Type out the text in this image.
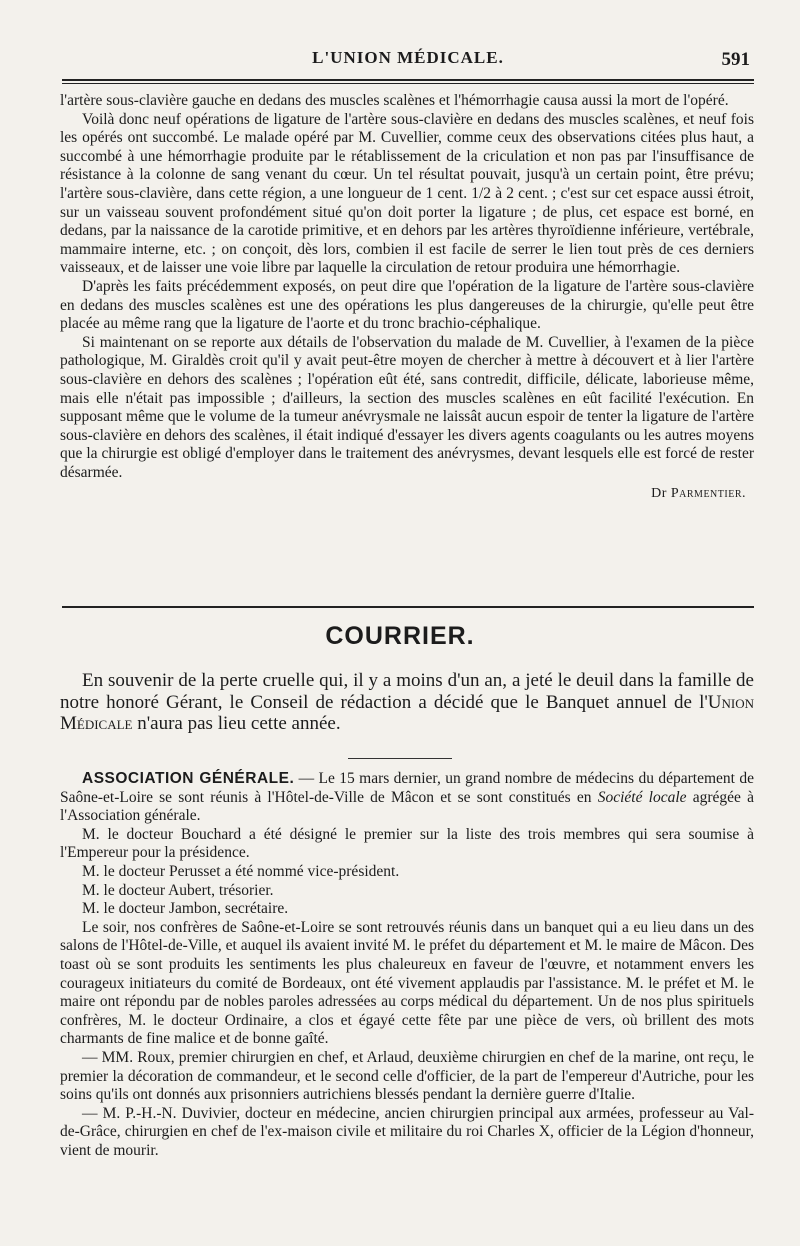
L'UNION MÉDICALE.	591

l'artère sous-clavière gauche en dedans des muscles scalènes et l'hémorrhagie causa aussi la mort de l'opéré.

Voilà donc neuf opérations de ligature de l'artère sous-clavière en dedans des muscles scalènes, et neuf fois les opérés ont succombé. Le malade opéré par M. Cuvellier, comme ceux des observations citées plus haut, a succombé à une hémorrhagie produite par le rétablissement de la criculation et non pas par l'insuffisance de résistance à la colonne de sang venant du cœur. Un tel résultat pouvait, jusqu'à un certain point, être prévu; l'artère sous-clavière, dans cette région, a une longueur de 1 cent. 1/2 à 2 cent. ; c'est sur cet espace aussi étroit, sur un vaisseau souvent profondément situé qu'on doit porter la ligature ; de plus, cet espace est borné, en dedans, par la naissance de la carotide primitive, et en dehors par les artères thyroïdienne inférieure, vertébrale, mammaire interne, etc. ; on conçoit, dès lors, combien il est facile de serrer le lien tout près de ces derniers vaisseaux, et de laisser une voie libre par laquelle la circulation de retour produira une hémorrhagie.

D'après les faits précédemment exposés, on peut dire que l'opération de la ligature de l'artère sous-clavière en dedans des muscles scalènes est une des opérations les plus dangereuses de la chirurgie, qu'elle peut être placée au même rang que la ligature de l'aorte et du tronc brachio-céphalique.

Si maintenant on se reporte aux détails de l'observation du malade de M. Cuvellier, à l'examen de la pièce pathologique, M. Giraldès croit qu'il y avait peut-être moyen de chercher à mettre à découvert et à lier l'artère sous-clavière en dehors des scalènes ; l'opération eût été, sans contredit, difficile, délicate, laborieuse même, mais elle n'était pas impossible ; d'ailleurs, la section des muscles scalènes en eût facilité l'exécution. En supposant même que le volume de la tumeur anévrysmale ne laissât aucun espoir de tenter la ligature de l'artère sous-clavière en dehors des scalènes, il était indiqué d'essayer les divers agents coagulants ou les autres moyens que la chirurgie est obligé d'employer dans le traitement des anévrysmes, devant lesquels elle est forcé de rester désarmée.

Dr Parmentier.
COURRIER.

En souvenir de la perte cruelle qui, il y a moins d'un an, a jeté le deuil dans la famille de notre honoré Gérant, le Conseil de rédaction a décidé que le Banquet annuel de l'Union Médicale n'aura pas lieu cette année.

ASSOCIATION GÉNÉRALE. — Le 15 mars dernier, un grand nombre de médecins du département de Saône-et-Loire se sont réunis à l'Hôtel-de-Ville de Mâcon et se sont constitués en Société locale agrégée à l'Association générale.

M. le docteur Bouchard a été désigné le premier sur la liste des trois membres qui sera soumise à l'Empereur pour la présidence.

M. le docteur Perusset a été nommé vice-président.

M. le docteur Aubert, trésorier.

M. le docteur Jambon, secrétaire.

Le soir, nos confrères de Saône-et-Loire se sont retrouvés réunis dans un banquet qui a eu lieu dans un des salons de l'Hôtel-de-Ville, et auquel ils avaient invité M. le préfet du département et M. le maire de Mâcon. Des toast où se sont produits les sentiments les plus chaleureux en faveur de l'œuvre, et notamment envers les courageux initiateurs du comité de Bordeaux, ont été vivement applaudis par l'assistance. M. le préfet et M. le maire ont répondu par de nobles paroles adressées au corps médical du département. Un de nos plus spirituels confrères, M. le docteur Ordinaire, a clos et égayé cette fête par une pièce de vers, où brillent des mots charmants de fine malice et de bonne gaîté.

— MM. Roux, premier chirurgien en chef, et Arlaud, deuxième chirurgien en chef de la marine, ont reçu, le premier la décoration de commandeur, et le second celle d'officier, de la part de l'empereur d'Autriche, pour les soins qu'ils ont donnés aux prisonniers autrichiens blessés pendant la dernière guerre d'Italie.

— M. P.-H.-N. Duvivier, docteur en médecine, ancien chirurgien principal aux armées, professeur au Val-de-Grâce, chirurgien en chef de l'ex-maison civile et militaire du roi Charles X, officier de la Légion d'honneur, vient de mourir.
